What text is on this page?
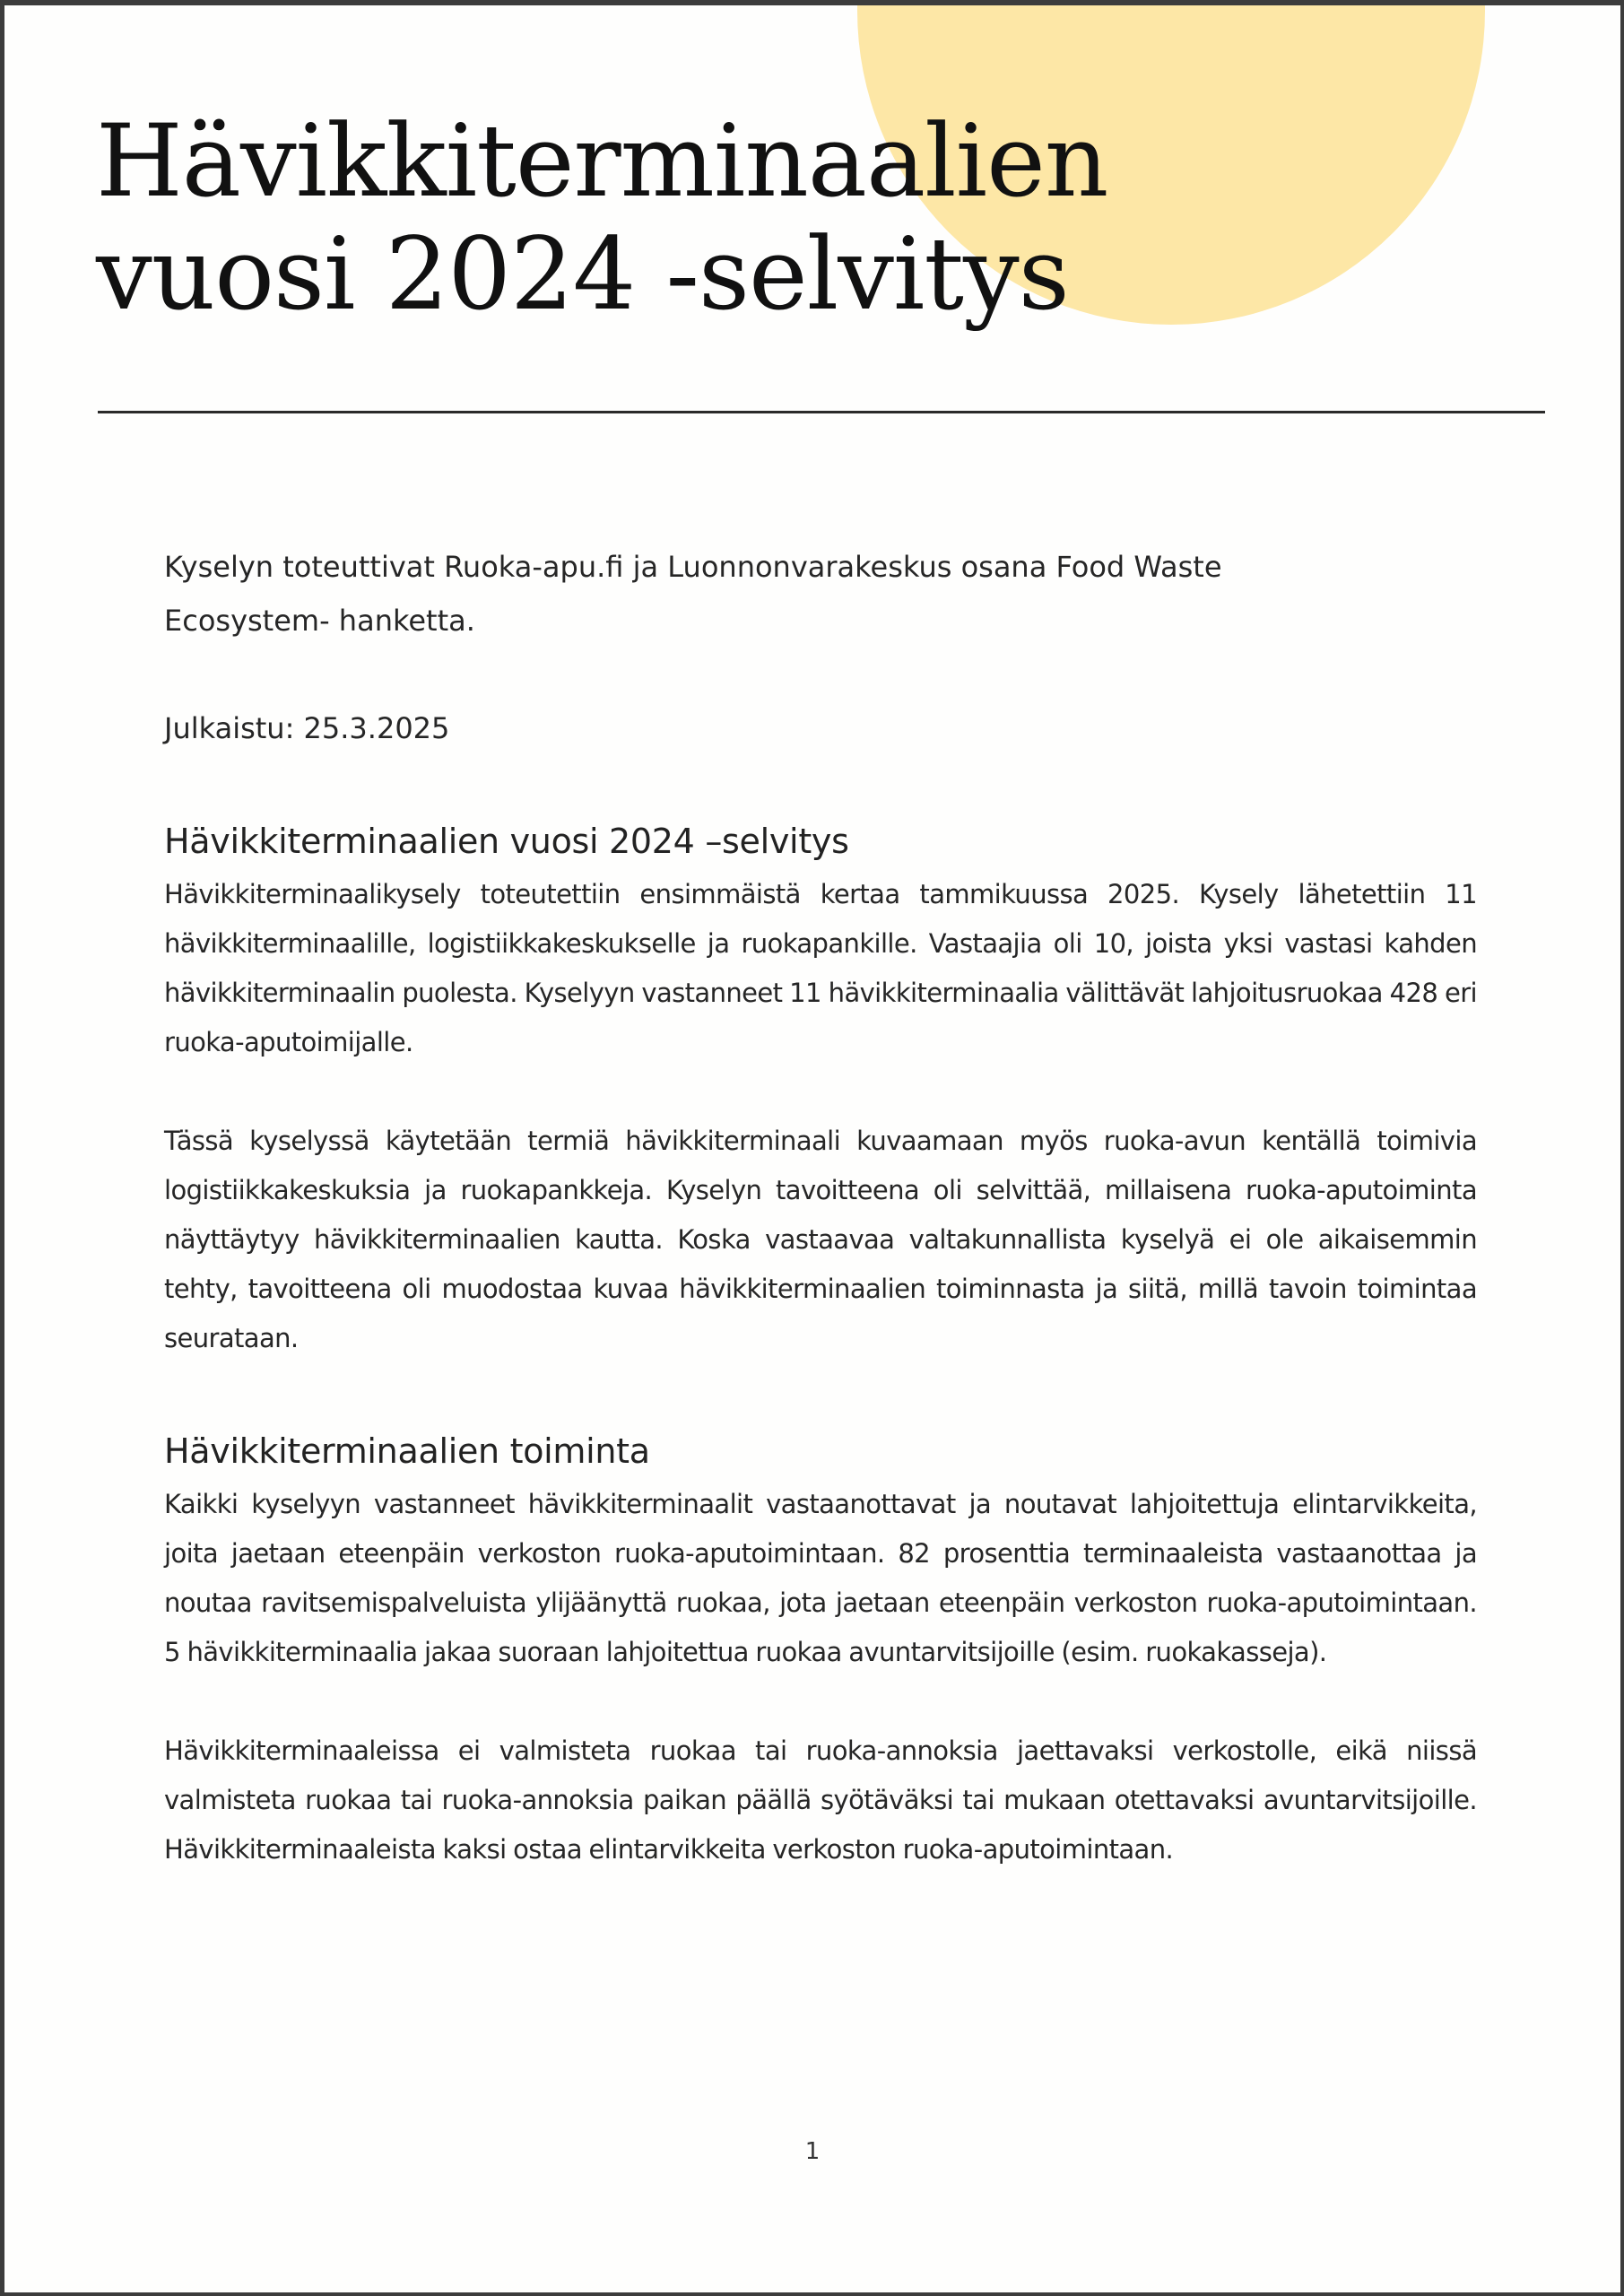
Hävikkiterminaalien
vuosi 2024 -selvitys

Kyselyn toteuttivat Ruoka-apu.fi ja Luonnonvarakeskus osana Food Waste Ecosystem- hanketta.

Julkaistu: 25.3.2025

Hävikkiterminaalien vuosi 2024 –selvitys

Hävikkiterminaalikysely toteutettiin ensimmäistä kertaa tammikuussa 2025. Kysely lähetettiin 11 hävikkiterminaalille, logistiikkakeskukselle ja ruokapankille. Vastaajia oli 10, joista yksi vastasi kahden hävikkiterminaalin puolesta. Kyselyyn vastanneet 11 hävikkiterminaalia välittävät lahjoitusruokaa 428 eri ruoka-aputoimijalle.

Tässä kyselyssä käytetään termiä hävikkiterminaali kuvaamaan myös ruoka-avun kentällä toimivia logistiikkakeskuksia ja ruokapankkeja. Kyselyn tavoitteena oli selvittää, millaisena ruoka-aputoiminta näyttäytyy hävikkiterminaalien kautta. Koska vastaavaa valtakunnallista kyselyä ei ole aikaisemmin tehty, tavoitteena oli muodostaa kuvaa hävikkiterminaalien toiminnasta ja siitä, millä tavoin toimintaa seurataan.

Hävikkiterminaalien toiminta

Kaikki kyselyyn vastanneet hävikkiterminaalit vastaanottavat ja noutavat lahjoitettuja elintarvikkeita, joita jaetaan eteenpäin verkoston ruoka-aputoimintaan. 82 prosenttia terminaaleista vastaanottaa ja noutaa ravitsemispalveluista ylijäänyttä ruokaa, jota jaetaan eteenpäin verkoston ruoka-aputoimintaan. 5 hävikkiterminaalia jakaa suoraan lahjoitettua ruokaa avuntarvitsijoille (esim. ruokakasseja).

Hävikkiterminaaleissa ei valmisteta ruokaa tai ruoka-annoksia jaettavaksi verkostolle, eikä niissä valmisteta ruokaa tai ruoka-annoksia paikan päällä syötäväksi tai mukaan otettavaksi avuntarvitsijoille. Hävikkiterminaaleista kaksi ostaa elintarvikkeita verkoston ruoka-aputoimintaan.

1
